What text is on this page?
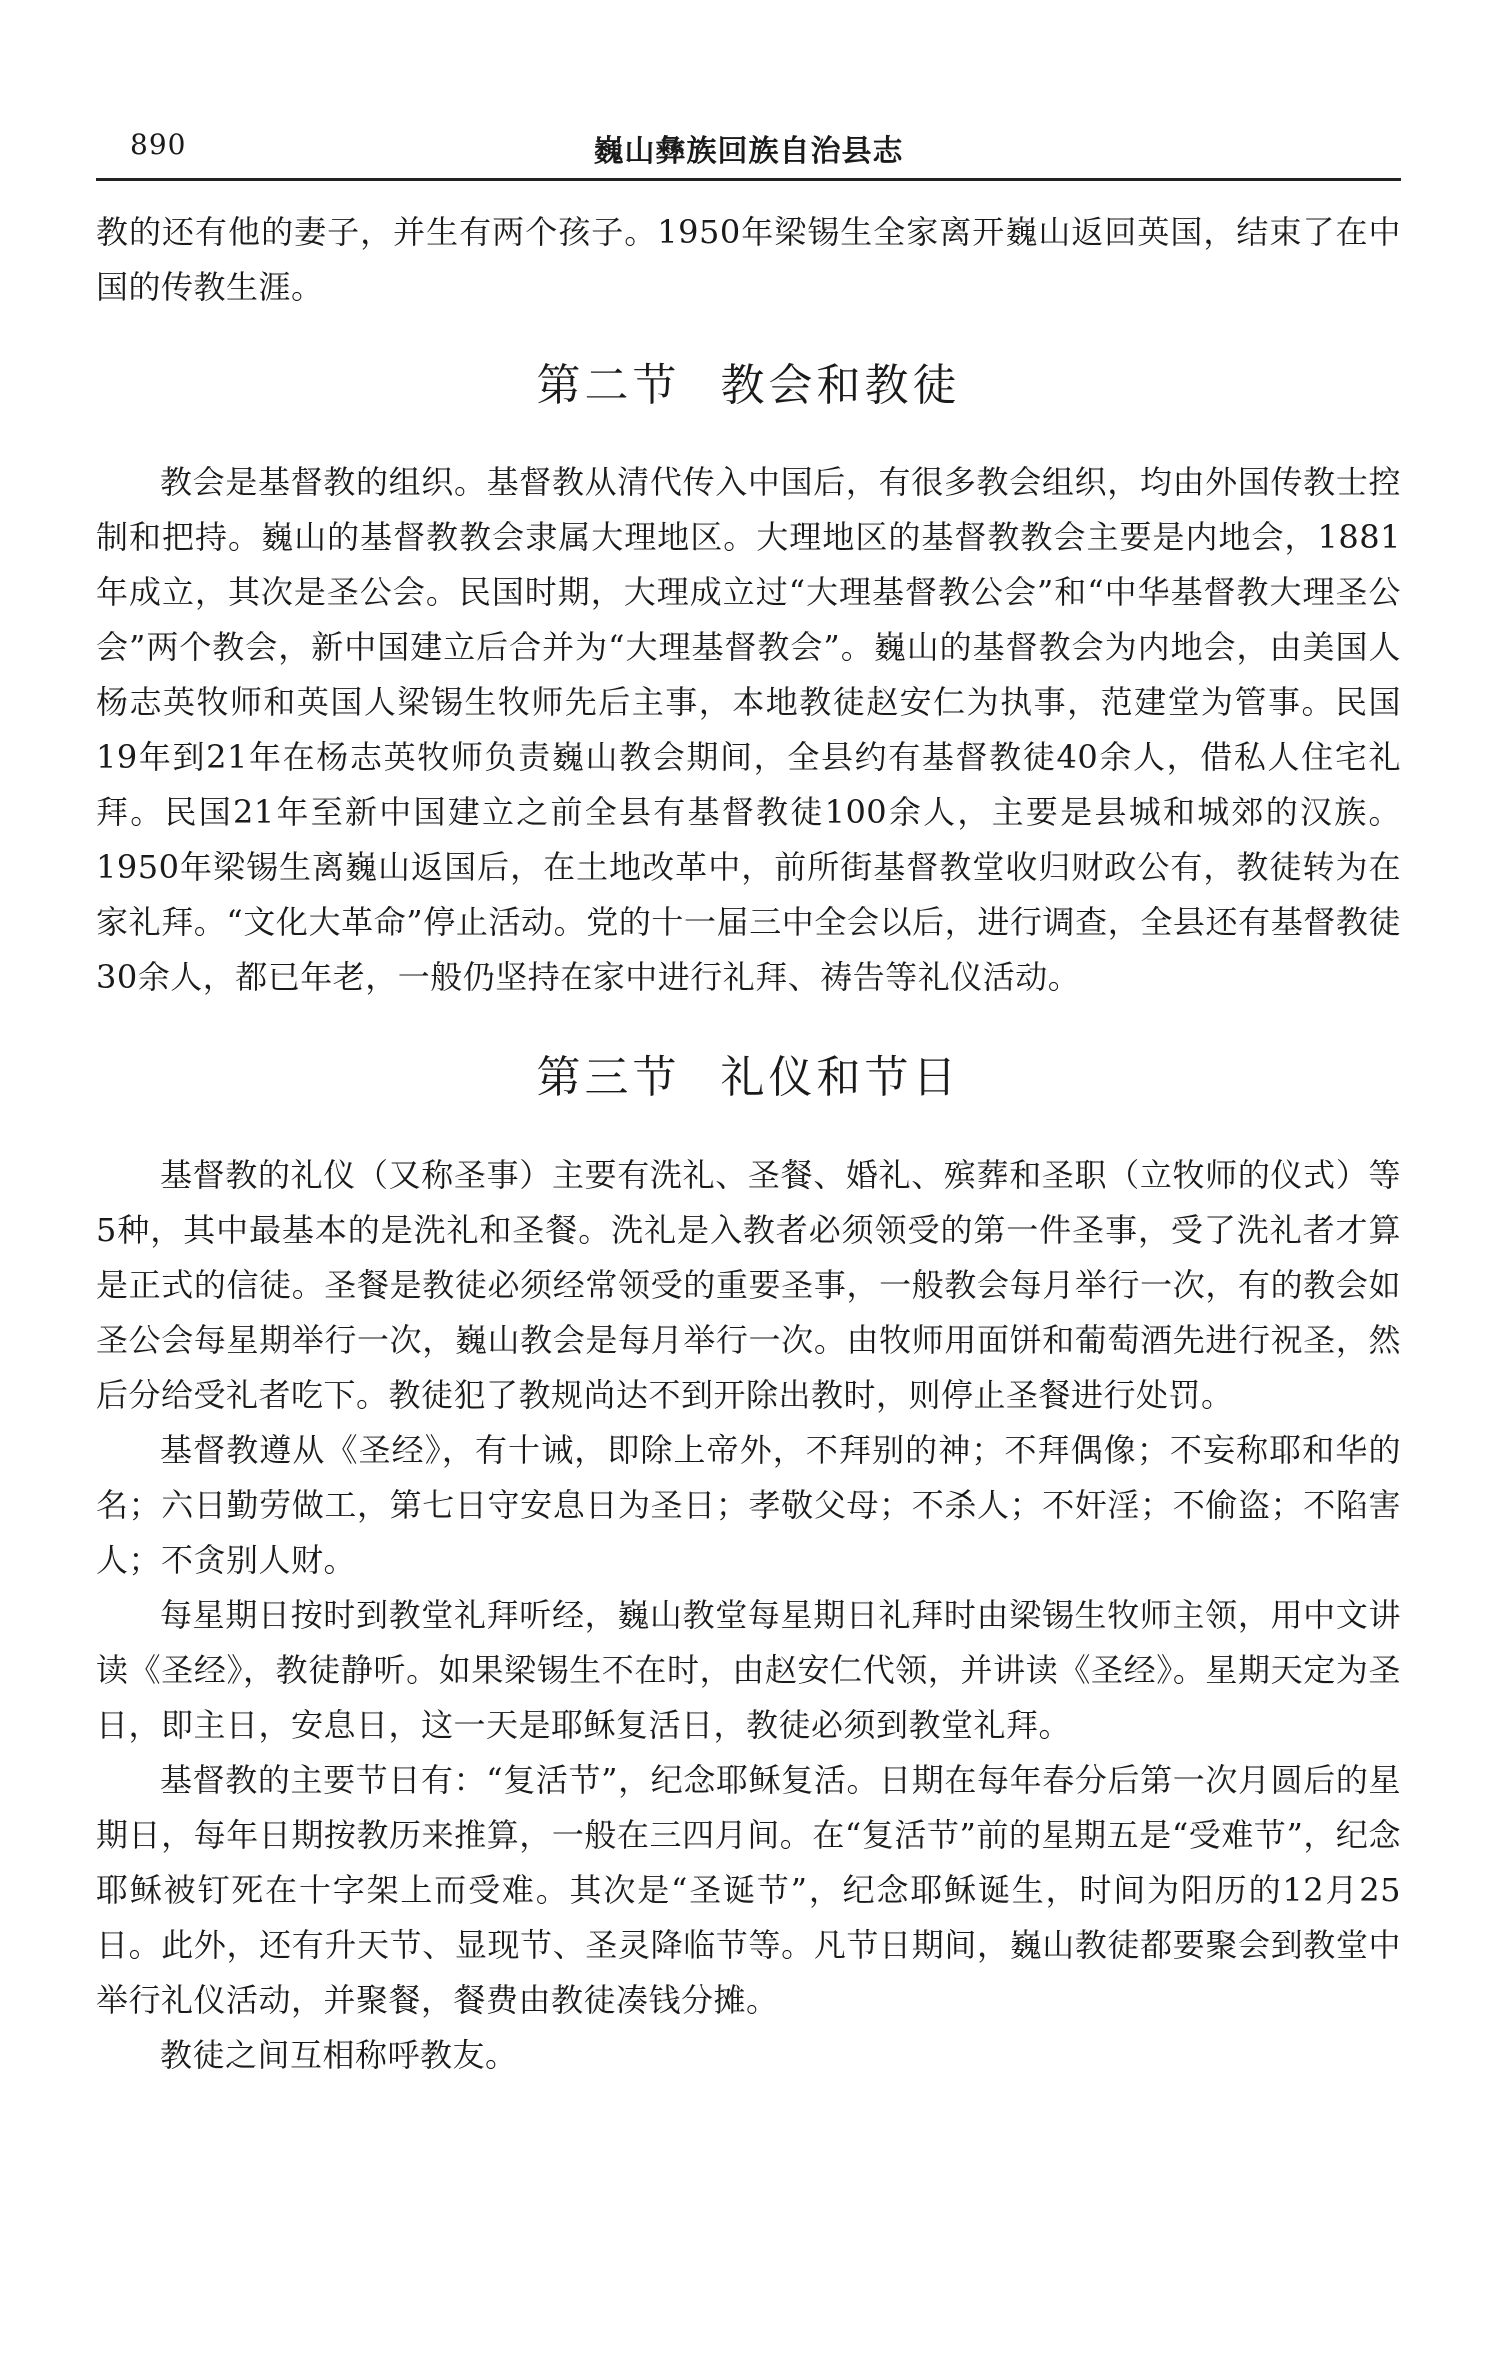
890	巍山彝族回族自治县志

教的还有他的妻子，并生有两个孩子。1950年梁锡生全家离开巍山返回英国，结束了在中国的传教生涯。

第二节 教会和教徒

教会是基督教的组织。基督教从清代传入中国后，有很多教会组织，均由外国传教士控制和把持。巍山的基督教教会隶属大理地区。大理地区的基督教教会主要是内地会，1881年成立，其次是圣公会。民国时期，大理成立过“大理基督教公会”和“中华基督教大理圣公会”两个教会，新中国建立后合并为“大理基督教会”。巍山的基督教会为内地会，由美国人杨志英牧师和英国人梁锡生牧师先后主事，本地教徒赵安仁为执事，范建堂为管事。民国19年到21年在杨志英牧师负责巍山教会期间，全县约有基督教徒40余人，借私人住宅礼拜。民国21年至新中国建立之前全县有基督教徒100余人，主要是县城和城郊的汉族。1950年梁锡生离巍山返国后，在土地改革中，前所街基督教堂收归财政公有，教徒转为在家礼拜。“文化大革命”停止活动。党的十一届三中全会以后，进行调查，全县还有基督教徒30余人，都已年老，一般仍坚持在家中进行礼拜、祷告等礼仪活动。

第三节 礼仪和节日

基督教的礼仪（又称圣事）主要有洗礼、圣餐、婚礼、殡葬和圣职（立牧师的仪式）等5种，其中最基本的是洗礼和圣餐。洗礼是入教者必须领受的第一件圣事，受了洗礼者才算是正式的信徒。圣餐是教徒必须经常领受的重要圣事，一般教会每月举行一次，有的教会如圣公会每星期举行一次，巍山教会是每月举行一次。由牧师用面饼和葡萄酒先进行祝圣，然后分给受礼者吃下。教徒犯了教规尚达不到开除出教时，则停止圣餐进行处罚。

基督教遵从《圣经》，有十诫，即除上帝外，不拜别的神；不拜偶像；不妄称耶和华的名；六日勤劳做工，第七日守安息日为圣日；孝敬父母；不杀人；不奸淫；不偷盗；不陷害人；不贪别人财。

每星期日按时到教堂礼拜听经，巍山教堂每星期日礼拜时由梁锡生牧师主领，用中文讲读《圣经》，教徒静听。如果梁锡生不在时，由赵安仁代领，并讲读《圣经》。星期天定为圣日，即主日，安息日，这一天是耶稣复活日，教徒必须到教堂礼拜。

基督教的主要节日有：“复活节”，纪念耶稣复活。日期在每年春分后第一次月圆后的星期日，每年日期按教历来推算，一般在三四月间。在“复活节”前的星期五是“受难节”，纪念耶稣被钉死在十字架上而受难。其次是“圣诞节”，纪念耶稣诞生，时间为阳历的12月25日。此外，还有升天节、显现节、圣灵降临节等。凡节日期间，巍山教徒都要聚会到教堂中举行礼仪活动，并聚餐，餐费由教徒凑钱分摊。

教徒之间互相称呼教友。
